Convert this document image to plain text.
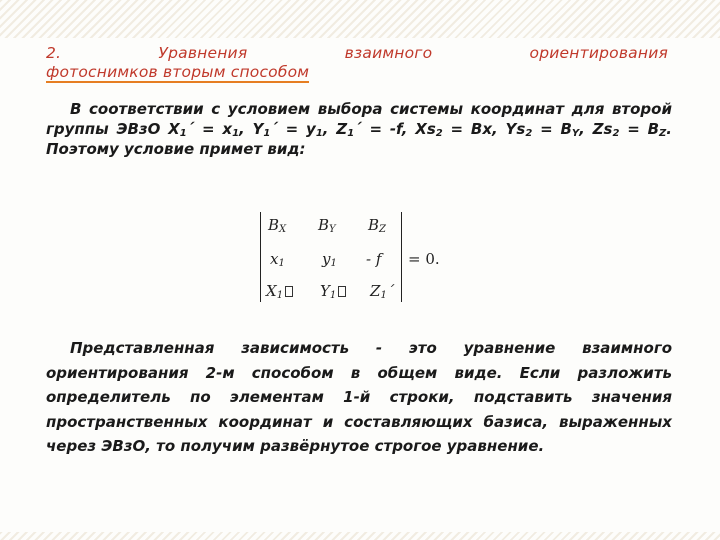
2. Уравнения взаимного ориентирования
фотоснимков вторым способом
В соответствии с условием выбора системы координат для второй группы ЭВзО $X_1´ = x_1$, $Y_1´ = y_1$, $Z_1´ = -f$, $Xs_2 = Bx$, $Ys_2 = B_Y$, $Zs_2 = B_Z$. Поэтому условие примет вид:
$B_X$ $B_Y$ $B_Z$
$x_1$ $y_1$ - f
$X_1$	$Y_1$	$Z_1´$
= 0.
Представленная зависимость - это уравнение взаимного ориентирования 2-м способом в общем виде. Если разложить определитель по элементам 1-й строки, подставить значения пространственных координат и составляющих базиса, выраженных через ЭВзО, то получим развёрнутое строгое уравнение.
